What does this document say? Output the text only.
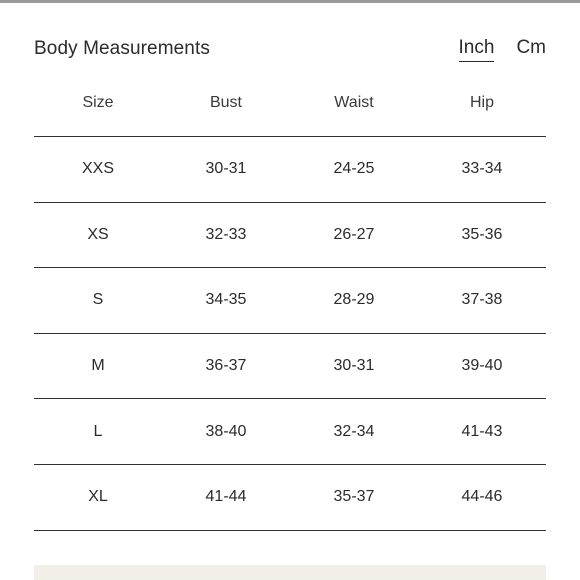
Body Measurements	Inch Cm
Size	Bust	Waist	Hip
XXS	30-31	24-25	33-34
XS	32-33	26-27	35-36
S	34-35	28-29	37-38
M	36-37	30-31	39-40
L	38-40	32-34	41-43
XL	41-44	35-37	44-46
